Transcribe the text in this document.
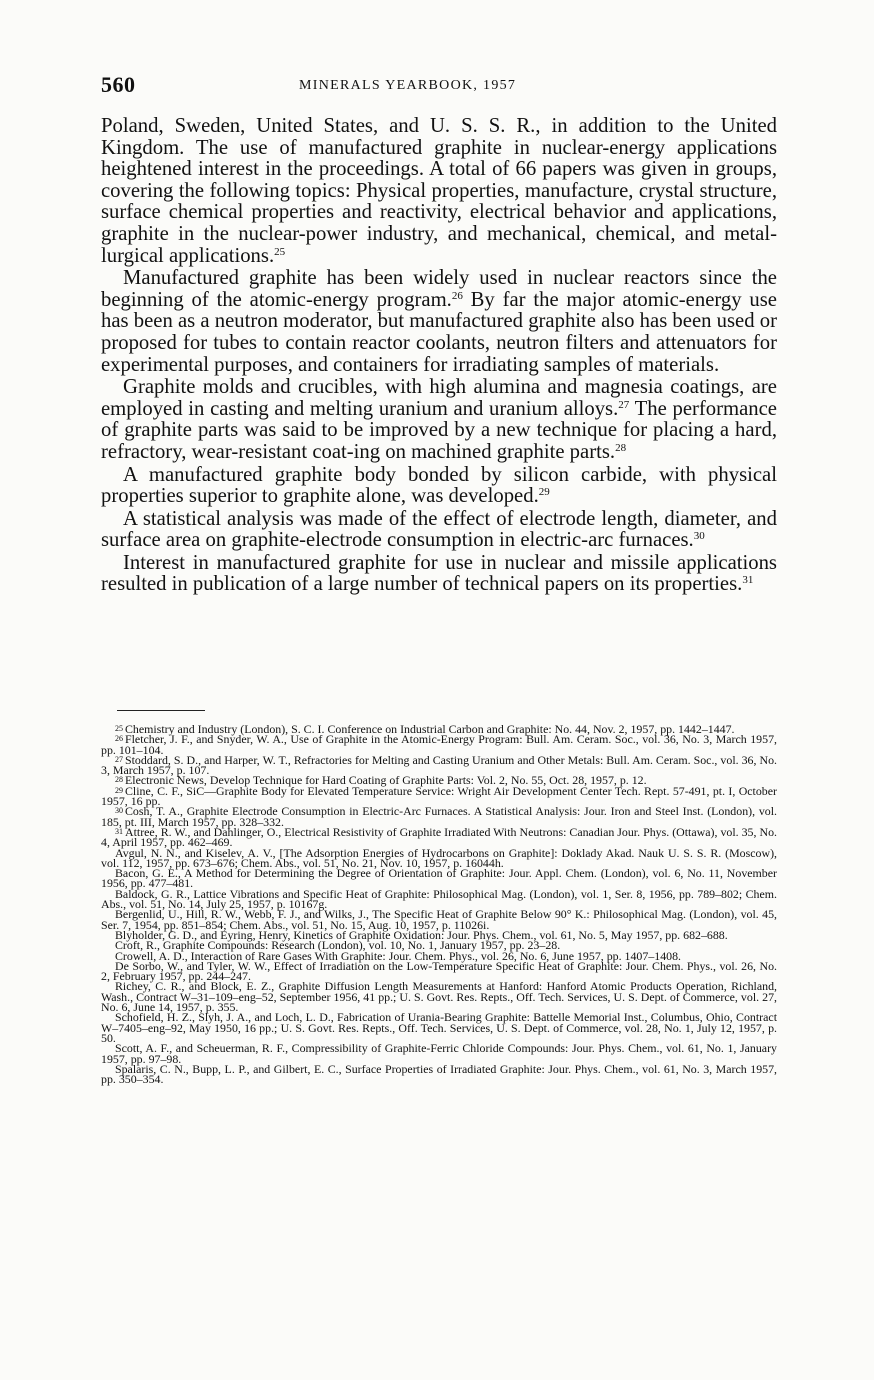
560	MINERALS YEARBOOK, 1957

Poland, Sweden, United States, and U. S. S. R., in addition to the United Kingdom. The use of manufactured graphite in nuclear-energy applications heightened interest in the proceedings. A total of 66 papers was given in groups, covering the following topics: Physical properties, manufacture, crystal structure, surface chemical properties and reactivity, electrical behavior and applications, graphite in the nuclear-power industry, and mechanical, chemical, and metal-lurgical applications.$^{25}$

Manufactured graphite has been widely used in nuclear reactors since the beginning of the atomic-energy program.$^{26}$ By far the major atomic-energy use has been as a neutron moderator, but manufactured graphite also has been used or proposed for tubes to contain reactor coolants, neutron filters and attenuators for experimental purposes, and containers for irradiating samples of materials.

Graphite molds and crucibles, with high alumina and magnesia coatings, are employed in casting and melting uranium and uranium alloys.$^{27}$ The performance of graphite parts was said to be improved by a new technique for placing a hard, refractory, wear-resistant coat-ing on machined graphite parts.$^{28}$

A manufactured graphite body bonded by silicon carbide, with physical properties superior to graphite alone, was developed.$^{29}$

A statistical analysis was made of the effect of electrode length, diameter, and surface area on graphite-electrode consumption in electric-arc furnaces.$^{30}$

Interest in manufactured graphite for use in nuclear and missile applications resulted in publication of a large number of technical papers on its properties.$^{31}$

25 Chemistry and Industry (London), S. C. I. Conference on Industrial Carbon and Graphite: No. 44, Nov. 2, 1957, pp. 1442–1447.

26 Fletcher, J. F., and Snyder, W. A., Use of Graphite in the Atomic-Energy Program: Bull. Am. Ceram. Soc., vol. 36, No. 3, March 1957, pp. 101–104.

27 Stoddard, S. D., and Harper, W. T., Refractories for Melting and Casting Uranium and Other Metals: Bull. Am. Ceram. Soc., vol. 36, No. 3, March 1957, p. 107.

28 Electronic News, Develop Technique for Hard Coating of Graphite Parts: Vol. 2, No. 55, Oct. 28, 1957, p. 12.

29 Cline, C. F., SiC—Graphite Body for Elevated Temperature Service: Wright Air Development Center Tech. Rept. 57-491, pt. I, October 1957, 16 pp.

30 Cosh, T. A., Graphite Electrode Consumption in Electric-Arc Furnaces. A Statistical Analysis: Jour. Iron and Steel Inst. (London), vol. 185, pt. III, March 1957, pp. 328–332.

31 Attree, R. W., and Dahlinger, O., Electrical Resistivity of Graphite Irradiated With Neutrons: Canadian Jour. Phys. (Ottawa), vol. 35, No. 4, April 1957, pp. 462–469.

Avgul, N. N., and Kiselev, A. V., [The Adsorption Energies of Hydrocarbons on Graphite]: Doklady Akad. Nauk U. S. S. R. (Moscow), vol. 112, 1957, pp. 673–676; Chem. Abs., vol. 51, No. 21, Nov. 10, 1957, p. 16044h.

Bacon, G. E., A Method for Determining the Degree of Orientation of Graphite: Jour. Appl. Chem. (London), vol. 6, No. 11, November 1956, pp. 477–481.

Baldock, G. R., Lattice Vibrations and Specific Heat of Graphite: Philosophical Mag. (London), vol. 1, Ser. 8, 1956, pp. 789–802; Chem. Abs., vol. 51, No. 14, July 25, 1957, p. 10167g.

Bergenlid, U., Hill, R. W., Webb, F. J., and Wilks, J., The Specific Heat of Graphite Below 90° K.: Philosophical Mag. (London), vol. 45, Ser. 7, 1954, pp. 851–854; Chem. Abs., vol. 51, No. 15, Aug. 10, 1957, p. 11026i.

Blyholder, G. D., and Eyring, Henry, Kinetics of Graphite Oxidation: Jour. Phys. Chem., vol. 61, No. 5, May 1957, pp. 682–688.

Croft, R., Graphite Compounds: Research (London), vol. 10, No. 1, January 1957, pp. 23–28.

Crowell, A. D., Interaction of Rare Gases With Graphite: Jour. Chem. Phys., vol. 26, No. 6, June 1957, pp. 1407–1408.

De Sorbo, W., and Tyler, W. W., Effect of Irradiation on the Low-Temperature Specific Heat of Graphite: Jour. Chem. Phys., vol. 26, No. 2, February 1957, pp. 244–247.

Richey, C. R., and Block, E. Z., Graphite Diffusion Length Measurements at Hanford: Hanford Atomic Products Operation, Richland, Wash., Contract W–31–109–eng–52, September 1956, 41 pp.; U. S. Govt. Res. Repts., Off. Tech. Services, U. S. Dept. of Commerce, vol. 27, No. 6, June 14, 1957, p. 355.

Schofield, H. Z., Slyh, J. A., and Loch, L. D., Fabrication of Urania-Bearing Graphite: Battelle Memorial Inst., Columbus, Ohio, Contract W–7405–eng–92, May 1950, 16 pp.; U. S. Govt. Res. Repts., Off. Tech. Services, U. S. Dept. of Commerce, vol. 28, No. 1, July 12, 1957, p. 50.

Scott, A. F., and Scheuerman, R. F., Compressibility of Graphite-Ferric Chloride Compounds: Jour. Phys. Chem., vol. 61, No. 1, January 1957, pp. 97–98.

Spalaris, C. N., Bupp, L. P., and Gilbert, E. C., Surface Properties of Irradiated Graphite: Jour. Phys. Chem., vol. 61, No. 3, March 1957, pp. 350–354.
